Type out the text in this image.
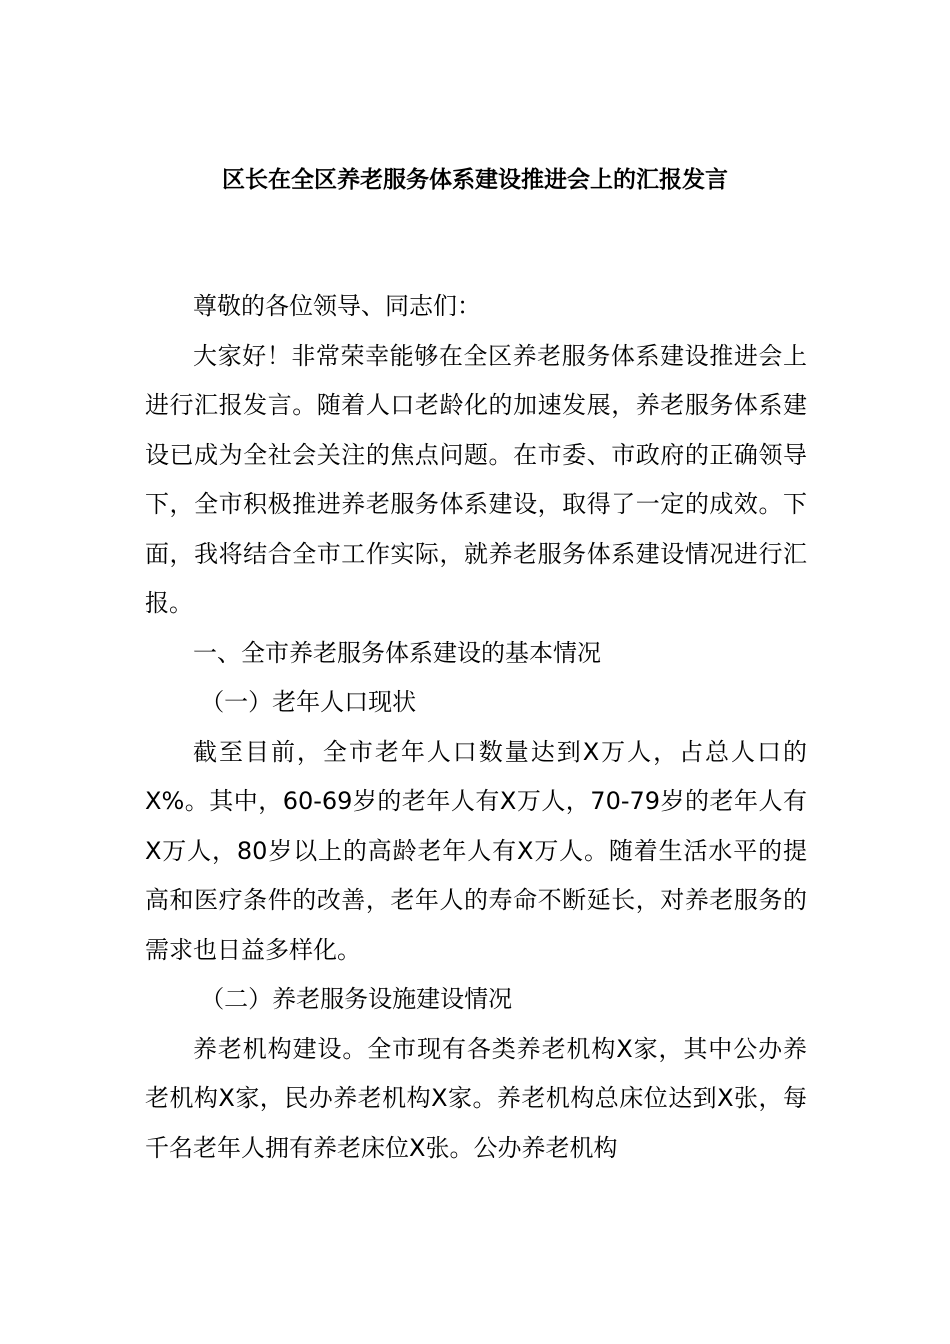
区长在全区养老服务体系建设推进会上的汇报发言

尊敬的各位领导、同志们：

大家好！非常荣幸能够在全区养老服务体系建设推进会上进行汇报发言。随着人口老龄化的加速发展，养老服务体系建设已成为全社会关注的焦点问题。在市委、市政府的正确领导下，全市积极推进养老服务体系建设，取得了一定的成效。下面，我将结合全市工作实际，就养老服务体系建设情况进行汇报。

一、全市养老服务体系建设的基本情况

（一）老年人口现状

截至目前，全市老年人口数量达到X万人，占总人口的X%。其中，60-69岁的老年人有X万人，70-79岁的老年人有X万人，80岁以上的高龄老年人有X万人。随着生活水平的提高和医疗条件的改善，老年人的寿命不断延长，对养老服务的需求也日益多样化。

（二）养老服务设施建设情况

养老机构建设。全市现有各类养老机构X家，其中公办养老机构X家，民办养老机构X家。养老机构总床位达到X张，每千名老年人拥有养老床位X张。公办养老机构
